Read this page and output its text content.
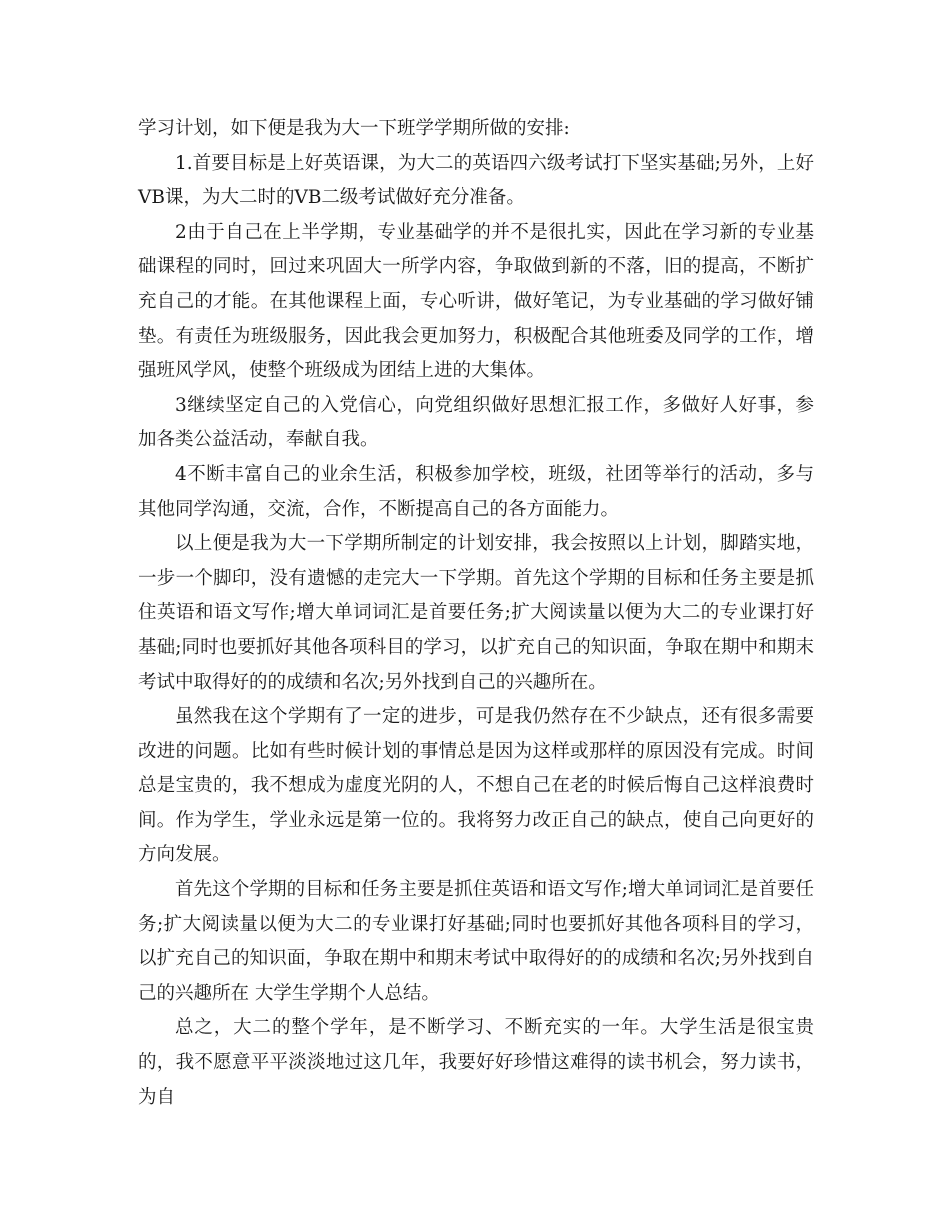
学习计划，如下便是我为大一下班学学期所做的安排:

1.首要目标是上好英语课，为大二的英语四六级考试打下坚实基础;另外，上好VB课，为大二时的VB二级考试做好充分准备。

2由于自己在上半学期，专业基础学的并不是很扎实，因此在学习新的专业基础课程的同时，回过来巩固大一所学内容，争取做到新的不落，旧的提高，不断扩充自己的才能。在其他课程上面，专心听讲，做好笔记，为专业基础的学习做好铺垫。有责任为班级服务，因此我会更加努力，积极配合其他班委及同学的工作，增强班风学风，使整个班级成为团结上进的大集体。

3继续坚定自己的入党信心，向党组织做好思想汇报工作，多做好人好事，参加各类公益活动，奉献自我。

4不断丰富自己的业余生活，积极参加学校，班级，社团等举行的活动，多与其他同学沟通，交流，合作，不断提高自己的各方面能力。

以上便是我为大一下学期所制定的计划安排，我会按照以上计划，脚踏实地，一步一个脚印，没有遗憾的走完大一下学期。首先这个学期的目标和任务主要是抓住英语和语文写作;增大单词词汇是首要任务;扩大阅读量以便为大二的专业课打好基础;同时也要抓好其他各项科目的学习，以扩充自己的知识面，争取在期中和期末考试中取得好的的成绩和名次;另外找到自己的兴趣所在。

虽然我在这个学期有了一定的进步，可是我仍然存在不少缺点，还有很多需要改进的问题。比如有些时候计划的事情总是因为这样或那样的原因没有完成。时间总是宝贵的，我不想成为虚度光阴的人，不想自己在老的时候后悔自己这样浪费时间。作为学生，学业永远是第一位的。我将努力改正自己的缺点，使自己向更好的方向发展。

首先这个学期的目标和任务主要是抓住英语和语文写作;增大单词词汇是首要任务;扩大阅读量以便为大二的专业课打好基础;同时也要抓好其他各项科目的学习，以扩充自己的知识面，争取在期中和期末考试中取得好的的成绩和名次;另外找到自己的兴趣所在 大学生学期个人总结。

总之，大二的整个学年，是不断学习、不断充实的一年。大学生活是很宝贵的，我不愿意平平淡淡地过这几年，我要好好珍惜这难得的读书机会，努力读书，为自
